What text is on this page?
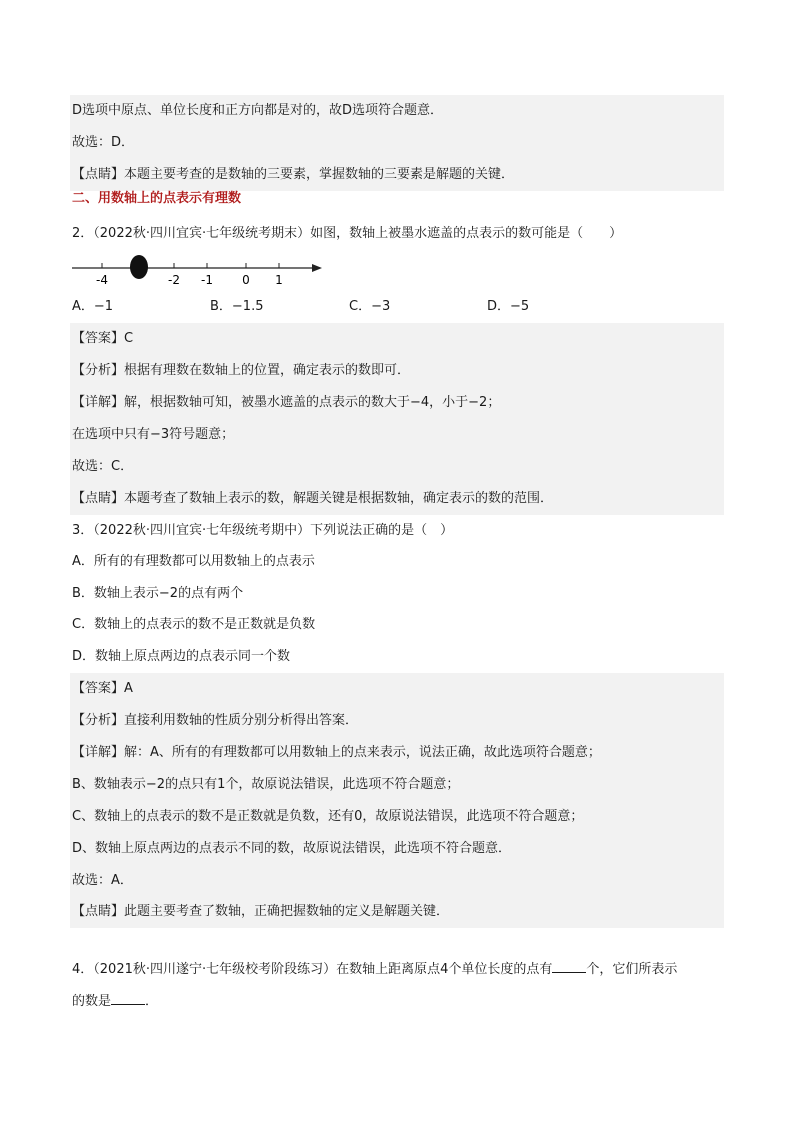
D选项中原点、单位长度和正方向都是对的，故D选项符合题意．
故选：D．
【点睛】本题主要考查的是数轴的三要素，掌握数轴的三要素是解题的关键．
二、用数轴上的点表示有理数
2．（2022秋·四川宜宾·七年级统考期末）如图，数轴上被墨水遮盖的点表示的数可能是（　　）
-4	-2 -1 0 1
A．−1	B．−1.5	C．−3	D．−5
【答案】C
【分析】根据有理数在数轴上的位置，确定表示的数即可．
【详解】解，根据数轴可知，被墨水遮盖的点表示的数大于−4，小于−2；
在选项中只有−3符号题意；
故选：C．
【点睛】本题考查了数轴上表示的数，解题关键是根据数轴，确定表示的数的范围．
3．（2022秋·四川宜宾·七年级统考期中）下列说法正确的是（　）
A．所有的有理数都可以用数轴上的点表示
B．数轴上表示−2的点有两个
C．数轴上的点表示的数不是正数就是负数
D．数轴上原点两边的点表示同一个数
【答案】A
【分析】直接利用数轴的性质分别分析得出答案．
【详解】解：A、所有的有理数都可以用数轴上的点来表示，说法正确，故此选项符合题意；
B、数轴表示−2的点只有1个，故原说法错误，此选项不符合题意；
C、数轴上的点表示的数不是正数就是负数，还有0，故原说法错误，此选项不符合题意；
D、数轴上原点两边的点表示不同的数，故原说法错误，此选项不符合题意．
故选：A．
【点睛】此题主要考查了数轴，正确把握数轴的定义是解题关键．
4．（2021秋·四川遂宁·七年级校考阶段练习）在数轴上距离原点4个单位长度的点有	个，它们所表示
的数是	．
